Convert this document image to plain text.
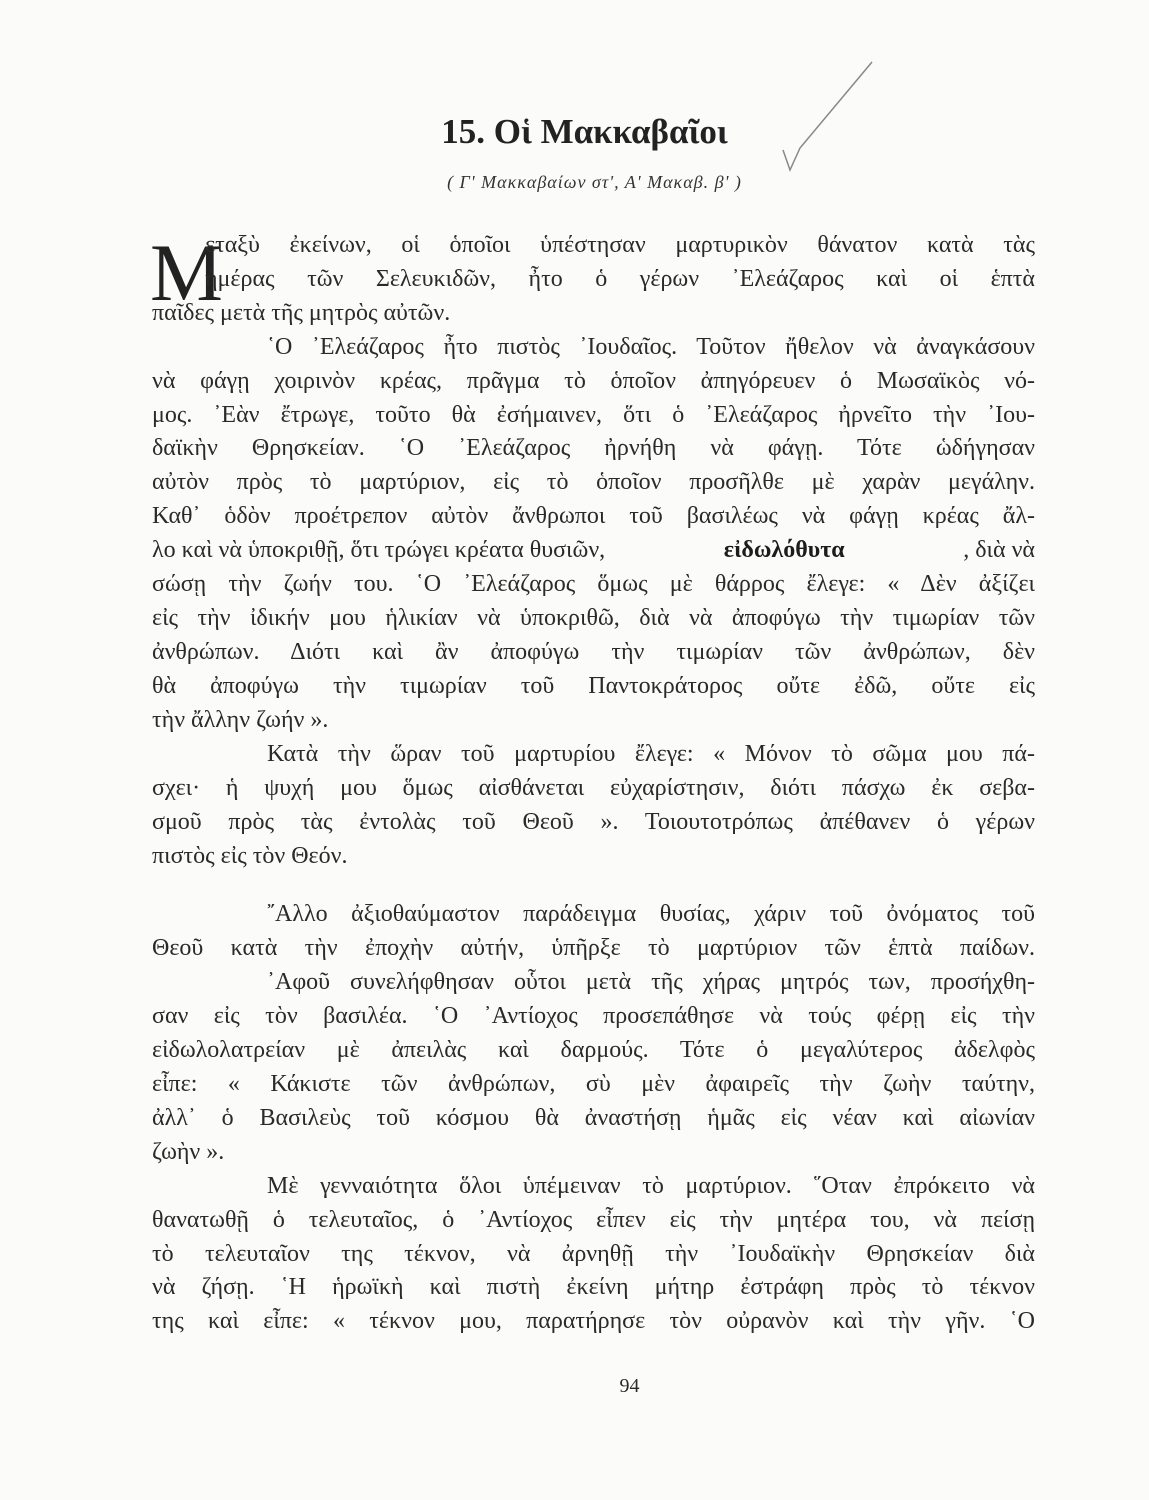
15. Οἱ Μακκαβαῖοι
( Γ' Μακκαβαίων στ', Α' Μακαβ. β' )
Μ
εταξὺ ἐκείνων, οἱ ὁποῖοι ὑπέστησαν μαρτυρικὸν θάνατον κατὰ τὰς
ἡμέρας τῶν Σελευκιδῶν, ἦτο ὁ γέρων ᾿Ελεάζαρος καὶ οἱ ἑπτὰ
παῖδες μετὰ τῆς μητρὸς αὐτῶν.
῾Ο ᾿Ελεάζαρος ἦτο πιστὸς ᾿Ιουδαῖος. Τοῦτον ἤθελον νὰ ἀναγκάσουν
νὰ φάγῃ χοιρινὸν κρέας, πρᾶγμα τὸ ὁποῖον ἀπηγόρευεν ὁ Μωσαϊκὸς νό-
μος. ᾿Εὰν ἔτρωγε, τοῦτο θὰ ἐσήμαινεν, ὅτι ὁ ᾿Ελεάζαρος ἠρνεῖτο τὴν ᾿Ιου-
δαϊκὴν Θρησκείαν. ῾Ο ᾿Ελεάζαρος ἠρνήθη νὰ φάγῃ. Τότε ὡδήγησαν
αὐτὸν πρὸς τὸ μαρτύριον, εἰς τὸ ὁποῖον προσῆλθε μὲ χαρὰν μεγάλην.
Καθ᾿ ὁδὸν προέτρεπον αὐτὸν ἄνθρωποι τοῦ βασιλέως νὰ φάγῃ κρέας ἄλ-
λο καὶ νὰ ὑποκριθῇ, ὅτι τρώγει κρέατα θυσιῶν,	εἰδωλόθυτα	, διὰ νὰ
σώσῃ τὴν ζωήν του. ῾Ο ᾿Ελεάζαρος ὅμως μὲ θάρρος ἔλεγε: « Δὲν ἀξίζει
εἰς τὴν ἰδικήν μου ἡλικίαν νὰ ὑποκριθῶ, διὰ νὰ ἀποφύγω τὴν τιμωρίαν τῶν
ἀνθρώπων. Διότι καὶ ἂν ἀποφύγω τὴν τιμωρίαν τῶν ἀνθρώπων, δὲν
θὰ ἀποφύγω τὴν τιμωρίαν τοῦ Παντοκράτορος οὔτε ἐδῶ, οὔτε εἰς
τὴν ἄλλην ζωήν ».
Κατὰ τὴν ὥραν τοῦ μαρτυρίου ἔλεγε: « Μόνον τὸ σῶμα μου πά-
σχει· ἡ ψυχή μου ὅμως αἰσθάνεται εὐχαρίστησιν, διότι πάσχω ἐκ σεβα-
σμοῦ πρὸς τὰς ἐντολὰς τοῦ Θεοῦ ». Τοιουτοτρόπως ἀπέθανεν ὁ γέρων
πιστὸς εἰς τὸν Θεόν.
῎Αλλο ἀξιοθαύμαστον παράδειγμα θυσίας, χάριν τοῦ ὀνόματος τοῦ
Θεοῦ κατὰ τὴν ἐποχὴν αὐτήν, ὑπῆρξε τὸ μαρτύριον τῶν ἑπτὰ παίδων.
᾿Αφοῦ συνελήφθησαν οὗτοι μετὰ τῆς χήρας μητρός των, προσήχθη-
σαν εἰς τὸν βασιλέα. ῾Ο ᾿Αντίοχος προσεπάθησε νὰ τούς φέρῃ εἰς τὴν
εἰδωλολατρείαν μὲ ἀπειλὰς καὶ δαρμούς. Τότε ὁ μεγαλύτερος ἀδελφὸς
εἶπε: « Κάκιστε τῶν ἀνθρώπων, σὺ μὲν ἀφαιρεῖς τὴν ζωὴν ταύτην,
ἀλλ᾿ ὁ Βασιλεὺς τοῦ κόσμου θὰ ἀναστήσῃ ἡμᾶς εἰς νέαν καὶ αἰωνίαν
ζωὴν ».
Μὲ γενναιότητα ὅλοι ὑπέμειναν τὸ μαρτύριον. ῞Οταν ἐπρόκειτο νὰ
θανατωθῇ ὁ τελευταῖος, ὁ ᾿Αντίοχος εἶπεν εἰς τὴν μητέρα του, νὰ πείσῃ
τὸ τελευταῖον της τέκνον, νὰ ἀρνηθῇ τὴν ᾿Ιουδαϊκὴν Θρησκείαν διὰ
νὰ ζήσῃ. ῾Η ἡρωϊκὴ καὶ πιστὴ ἐκείνη μήτηρ ἐστράφη πρὸς τὸ τέκνον
της καὶ εἶπε: « τέκνον μου, παρατήρησε τὸν οὐρανὸν καὶ τὴν γῆν. ῾Ο
94
